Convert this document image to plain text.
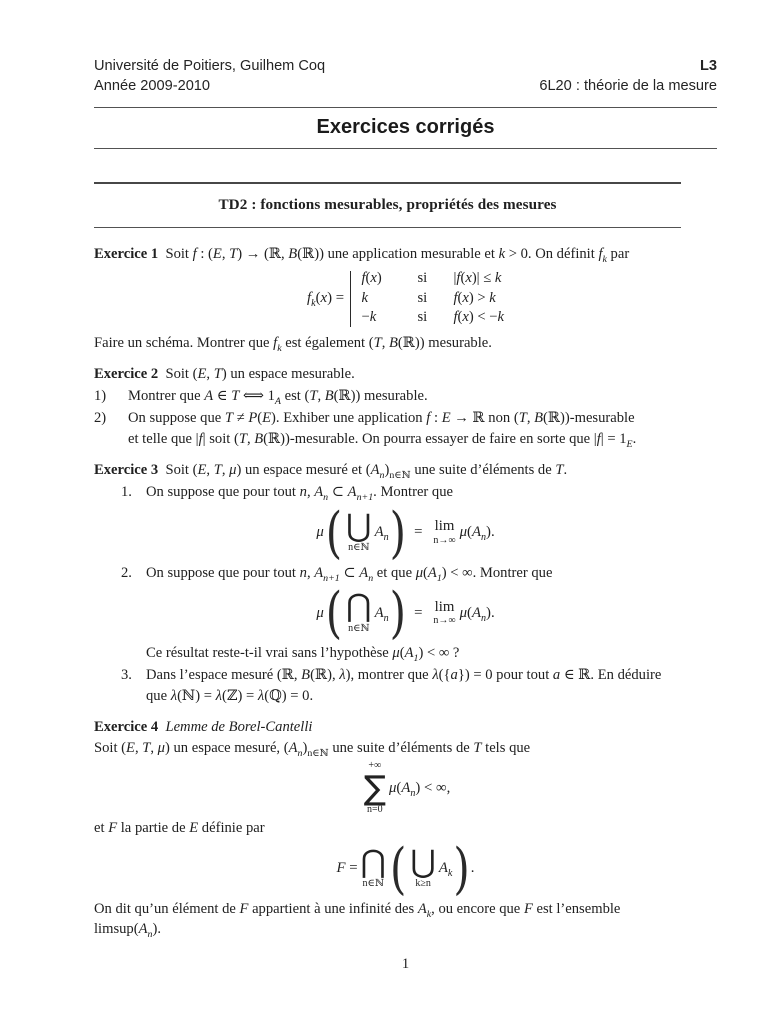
Université de Poitiers, Guilhem Coq
Année 2009-2010
L3
6L20 : théorie de la mesure
Exercices corrigés
TD2 : fonctions mesurables, propriétés des mesures
Exercice 1  Soit f : (E, T) → (ℝ, B(ℝ)) une application mesurable et k > 0. On définit $f_k$ par
$f_k(x)$ =
f(x)	si	|f(x)| ≤ k
k	si	f(x) > k
−k	si	f(x) < −k
Faire un schéma. Montrer que $f_k$ est également (T, B(ℝ)) mesurable.
Exercice 2  Soit (E, T) un espace mesurable.
1)	Montrer que A ∈ T ⟺ $1_A$ est (T, B(ℝ)) mesurable.
2)	On suppose que T ≠ P(E). Exhiber une application f : E → ℝ non (T, B(ℝ))-mesurable
et telle que |f| soit (T, B(ℝ))-mesurable. On pourra essayer de faire en sorte que $|f| = 1_E$.
Exercice 3  Soit (E, T, μ) un espace mesuré et $(A_n)_{n\in ℕ}$ une suite d’éléments de T.
1. On suppose que pour tout n, $A_n$ ⊂ $A_{n+1}$. Montrer que
μ ( ⋃
n∈ℕ
$A_n$ ) = lim
n→∞
$\mu(A_n)$.
2. On suppose que pour tout n, $A_{n+1}$ ⊂ $A_n$ et que $\mu(A_1)$ < ∞. Montrer que
μ ( ⋂
n∈ℕ
$A_n$ ) = lim
n→∞
$\mu(A_n)$.
Ce résultat reste-t-il vrai sans l’hypothèse $\mu(A_1)$ < ∞ ?
3. Dans l’espace mesuré (ℝ, B(ℝ), λ), montrer que λ({a}) = 0 pour tout a ∈ ℝ. En déduire
que λ(ℕ) = λ(ℤ) = λ(ℚ) = 0.
Exercice 4 Lemme de Borel-Cantelli
Soit (E, T, μ) un espace mesuré, $(A_n)_{n\in ℕ}$ une suite d’éléments de T tels que
+∞
∑
n=0
$\mu(A_n)$ < ∞,
et F la partie de E définie par
F = ⋂
n∈ℕ ( ⋃
k≥n
$A_k$ ) .
On dit qu’un élément de F appartient à une infinité des $A_k$, ou encore que F est l’ensemble
$limsup(A_n)$.
1
